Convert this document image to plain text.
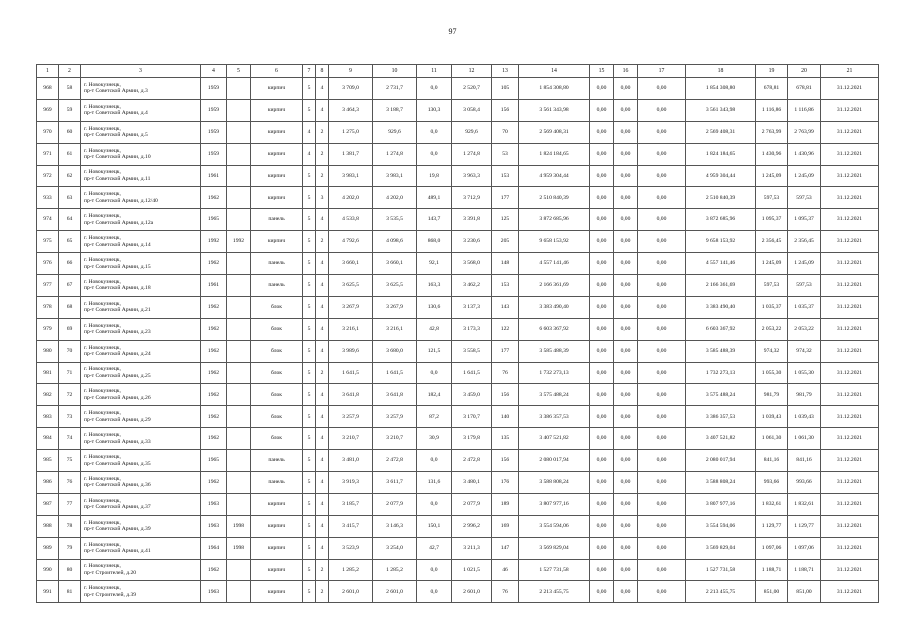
97
1	2	3	4	5	6	7	8	9	10	11	12	13	14	15	16	17	18	19	20	21
968	58	г. Новокузнецк,
пр-т Советской Армии, д.3	1959		кирпич	5	4	3 709,0	2 731,7	0,0	2 520,7	105	1 854 308,80	0,00	0,00	0,00	1 854 308,80	678,81	678,81	31.12.2021
969	59	г. Новокузнецк,
пр-т Советской Армии, д.4	1959		кирпич	5	4	3 464,3	3 188,7	130,3	3 058,4	156	3 561 343,98	0,00	0,00	0,00	3 561 343,98	1 116,86	1 116,86	31.12.2021
970	60	г. Новокузнецк,
пр-т Советской Армии, д.5	1959		кирпич	4	2	1 275,0	929,6	0,0	929,6	70	2 569 408,31	0,00	0,00	0,00	2 569 408,31	2 763,99	2 763,99	31.12.2021
971	61	г. Новокузнецк,
пр-т Советской Армии, д.10	1959		кирпич	4	2	1 381,7	1 274,8	0,0	1 274,8	53	1 824 184,65	0,00	0,00	0,00	1 824 184,65	1 430,96	1 430,96	31.12.2021
972	62	г. Новокузнецк,
пр-т Советской Армии, д.11	1961		кирпич	5	2	3 983,1	3 983,1	19,8	3 963,3	153	4 959 304,44	0,00	0,00	0,00	4 959 304,44	1 245,09	1 245,09	31.12.2021
933	63	г. Новокузнецк,
пр-т Советской Армии, д.12/40	1962		кирпич	5	3	4 202,0	4 202,0	489,1	3 712,9	177	2 510 840,39	0,00	0,00	0,00	2 510 840,39	597,53	597,53	31.12.2021
974	64	г. Новокузнецк,
пр-т Советской Армии, д.12а	1965		панель	5	4	4 533,8	3 535,5	143,7	3 391,8	125	3 872 685,96	0,00	0,00	0,00	3 872 685,96	1 095,37	1 095,37	31.12.2021
975	65	г. Новокузнецк,
пр-т Советской Армии, д.14	1992	1992	кирпич	5	2	4 792,6	4 098,6	868,0	3 230,6	205	9 658 153,92	0,00	0,00	0,00	9 658 153,92	2 356,45	2 356,45	31.12.2021
976	66	г. Новокузнецк,
пр-т Советской Армии, д.15	1962		панель	5	4	3 660,1	3 660,1	92,1	3 568,0	148	4 557 141,46	0,00	0,00	0,00	4 557 141,46	1 245,09	1 245,09	31.12.2021
977	67	г. Новокузнецк,
пр-т Советской Армии, д.18	1961		панель	5	4	3 625,5	3 625,5	163,3	3 462,2	153	2 166 361,69	0,00	0,00	0,00	2 166 361,69	597,53	597,53	31.12.2021
978	68	г. Новокузнецк,
пр-т Советской Армии, д.21	1962		блок	5	4	3 267,9	3 267,9	130,6	3 137,3	143	3 383 490,40	0,00	0,00	0,00	3 383 490,40	1 035,37	1 035,37	31.12.2021
979	69	г. Новокузнецк,
пр-т Советской Армии, д.23	1962		блок	5	4	3 216,1	3 216,1	42,8	3 173,3	122	6 603 367,92	0,00	0,00	0,00	6 603 367,92	2 053,22	2 053,22	31.12.2021
980	70	г. Новокузнецк,
пр-т Советской Армии, д.24	1962		блок	5	4	3 989,6	3 680,0	121,5	3 558,5	177	3 585 488,39	0,00	0,00	0,00	3 585 488,39	974,32	974,32	31.12.2021
981	71	г. Новокузнецк,
пр-т Советской Армии, д.25	1962		блок	5	2	1 641,5	1 641,5	0,0	1 641,5	76	1 732 273,13	0,00	0,00	0,00	1 732 273,13	1 055,30	1 055,30	31.12.2021
982	72	г. Новокузнецк,
пр-т Советской Армии, д.26	1962		блок	5	4	3 641,8	3 641,8	182,4	3 459,0	156	3 575 488,24	0,00	0,00	0,00	3 575 488,24	981,79	981,79	31.12.2021
983	73	г. Новокузнецк,
пр-т Советской Армии, д.29	1962		блок	5	4	3 257,9	3 257,9	87,2	3 170,7	140	3 386 357,53	0,00	0,00	0,00	3 386 357,53	1 039,43	1 039,43	31.12.2021
984	74	г. Новокузнецк,
пр-т Советской Армии, д.33	1962		блок	5	4	3 210,7	3 210,7	30,9	3 179,8	135	3 407 521,82	0,00	0,00	0,00	3 407 521,82	1 061,30	1 061,30	31.12.2021
985	75	г. Новокузнецк,
пр-т Советской Армии, д.35	1965		панель	5	4	3 481,0	2 472,8	0,0	2 472,8	156	2 080 017,94	0,00	0,00	0,00	2 080 017,94	841,16	841,16	31.12.2021
986	76	г. Новокузнецк,
пр-т Советской Армии, д.36	1962		панель	5	4	3 919,3	3 611,7	131,6	3 480,1	176	3 588 808,24	0,00	0,00	0,00	3 588 808,24	993,66	993,66	31.12.2021
987	77	г. Новокузнецк,
пр-т Советской Армии, д.37	1963		кирпич	5	4	3 185,7	2 077,9	0,0	2 077,9	189	3 807 977,16	0,00	0,00	0,00	3 807 977,16	1 832,61	1 832,61	31.12.2021
988	78	г. Новокузнецк,
пр-т Советской Армии, д.39	1963	1998	кирпич	5	4	3 415,7	3 146,3	150,1	2 996,2	169	3 554 594,06	0,00	0,00	0,00	3 554 594,06	1 129,77	1 129,77	31.12.2021
989	79	г. Новокузнецк,
пр-т Советской Армии, д.41	1964	1998	кирпич	5	4	3 523,9	3 254,0	42,7	3 211,3	147	3 569 829,04	0,00	0,00	0,00	3 569 829,04	1 097,06	1 097,06	31.12.2021
990	80	г. Новокузнецк,
пр-т Строителей, д.20	1962		кирпич	5	2	1 285,2	1 285,2	0,0	1 021,5	46	1 527 731,58	0,00	0,00	0,00	1 527 731,58	1 188,71	1 188,71	31.12.2021
991	81	г. Новокузнецк,
пр-т Строителей, д.39	1963		кирпич	5	2	2 601,0	2 601,0	0,0	2 601,0	76	2 213 455,75	0,00	0,00	0,00	2 213 455,75	851,00	851,00	31.12.2021
